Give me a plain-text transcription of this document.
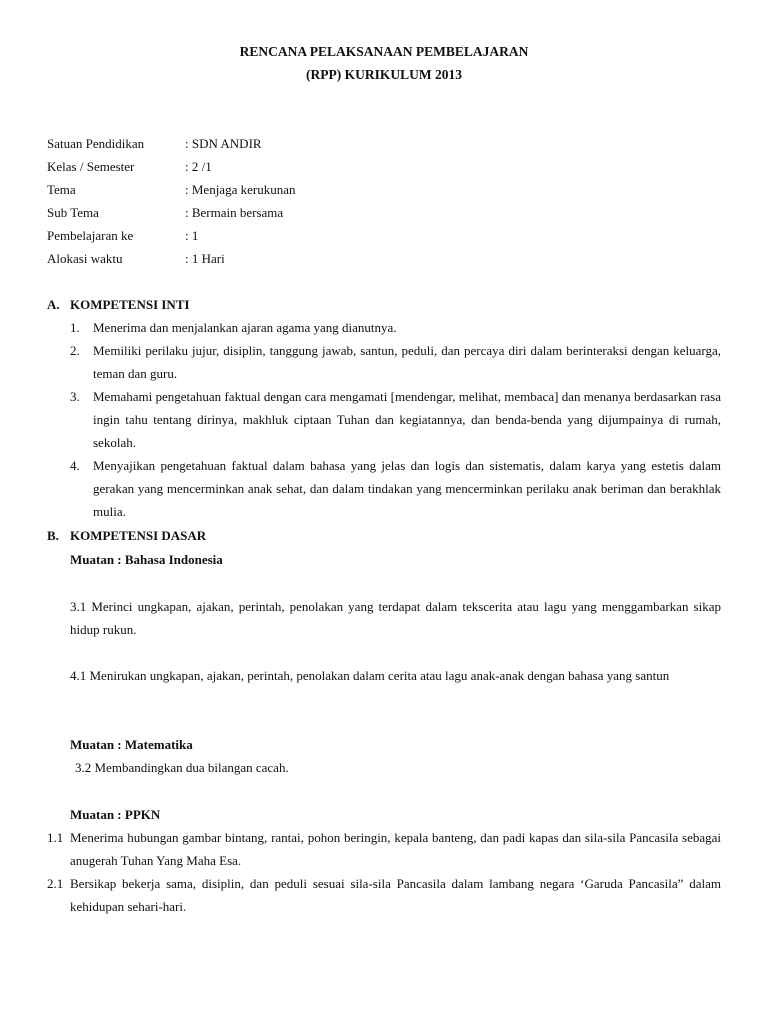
RENCANA PELAKSANAAN PEMBELAJARAN
(RPP) KURIKULUM 2013
Satuan Pendidikan	: SDN ANDIR
Kelas / Semester	: 2 /1
Tema	: Menjaga kerukunan
Sub Tema	: Bermain bersama
Pembelajaran ke	: 1
Alokasi waktu	: 1 Hari
A. KOMPETENSI INTI
1. Menerima dan menjalankan ajaran agama yang dianutnya.
2. Memiliki perilaku jujur, disiplin, tanggung jawab, santun, peduli, dan percaya diri dalam berinteraksi dengan keluarga, teman dan guru.
3. Memahami pengetahuan faktual dengan cara mengamati [mendengar, melihat, membaca] dan menanya berdasarkan rasa ingin tahu tentang dirinya, makhluk ciptaan Tuhan dan kegiatannya, dan benda-benda yang dijumpainya di rumah, sekolah.
4. Menyajikan pengetahuan faktual dalam bahasa yang jelas dan logis dan sistematis, dalam karya yang estetis dalam gerakan yang mencerminkan anak sehat, dan dalam tindakan yang mencerminkan perilaku anak beriman dan berakhlak mulia.
B. KOMPETENSI DASAR
Muatan : Bahasa Indonesia
3.1 Merinci ungkapan, ajakan, perintah, penolakan yang terdapat dalam tekscerita atau lagu yang menggambarkan sikap hidup rukun.
4.1 Menirukan ungkapan, ajakan, perintah, penolakan dalam cerita atau lagu anak-anak dengan bahasa yang santun
Muatan : Matematika
3.2 Membandingkan dua bilangan cacah.
Muatan : PPKN
1.1 Menerima hubungan gambar bintang, rantai, pohon beringin, kepala banteng, dan padi kapas dan sila-sila Pancasila sebagai anugerah Tuhan Yang Maha Esa.
2.1 Bersikap bekerja sama, disiplin, dan peduli sesuai sila-sila Pancasila dalam lambang negara ‘Garuda Pancasila” dalam kehidupan sehari-hari.
